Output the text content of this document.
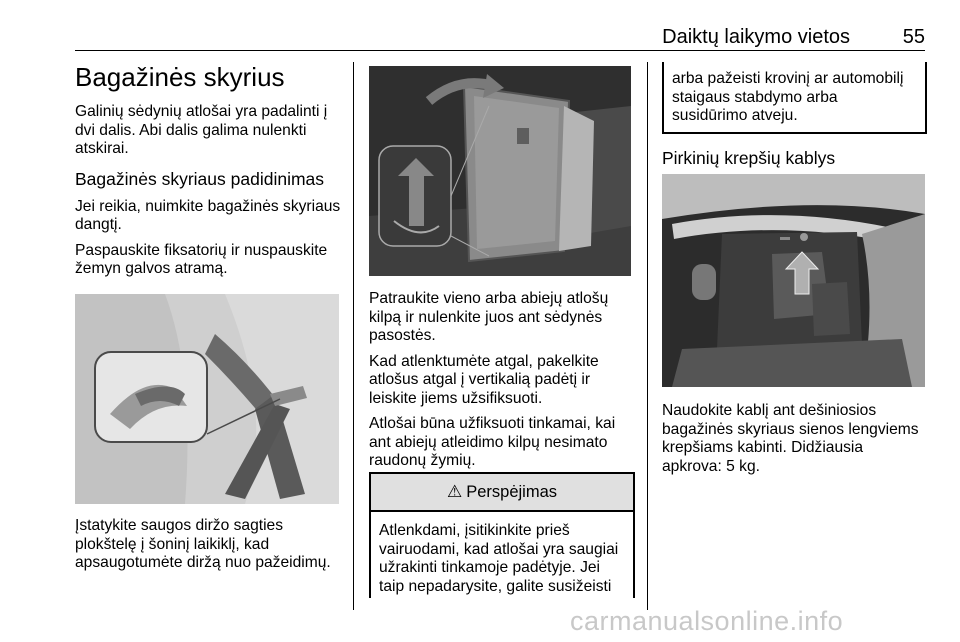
Daiktų laikymo vietos	55
Bagažinės skyrius

Galinių sėdynių atlošai yra padalinti į dvi dalis. Abi dalis galima nulenkti atskirai.

Bagažinės skyriaus padidinimas

Jei reikia, nuimkite bagažinės skyriaus dangtį.

Paspauskite fiksatorių ir nuspauskite žemyn galvos atramą.

Įstatykite saugos diržo sagties plokštelę į šoninį laikiklį, kad apsaugotumėte diržą nuo pažeidimų.

Patraukite vieno arba abiejų atlošų kilpą ir nulenkite juos ant sėdynės pasostės.

Kad atlenktumėte atgal, pakelkite atlošus atgal į vertikalią padėtį ir leiskite jiems užsifiksuoti.

Atlošai būna užfiksuoti tinkamai, kai ant abiejų atleidimo kilpų nesimato raudonų žymių.

⚠ Perspėjimas
Atlenkdami, įsitikinkite prieš vairuodami, kad atlošai yra saugiai užrakinti tinkamoje padėtyje. Jei taip nepadarysite, galite susižeisti

arba pažeisti krovinį ar automobilį staigaus stabdymo arba susidūrimo atveju.

Pirkinių krepšių kablys

Naudokite kablį ant dešiniosios bagažinės skyriaus sienos lengviems krepšiams kabinti. Didžiausia apkrova: 5 kg.

carmanualsonline.info
